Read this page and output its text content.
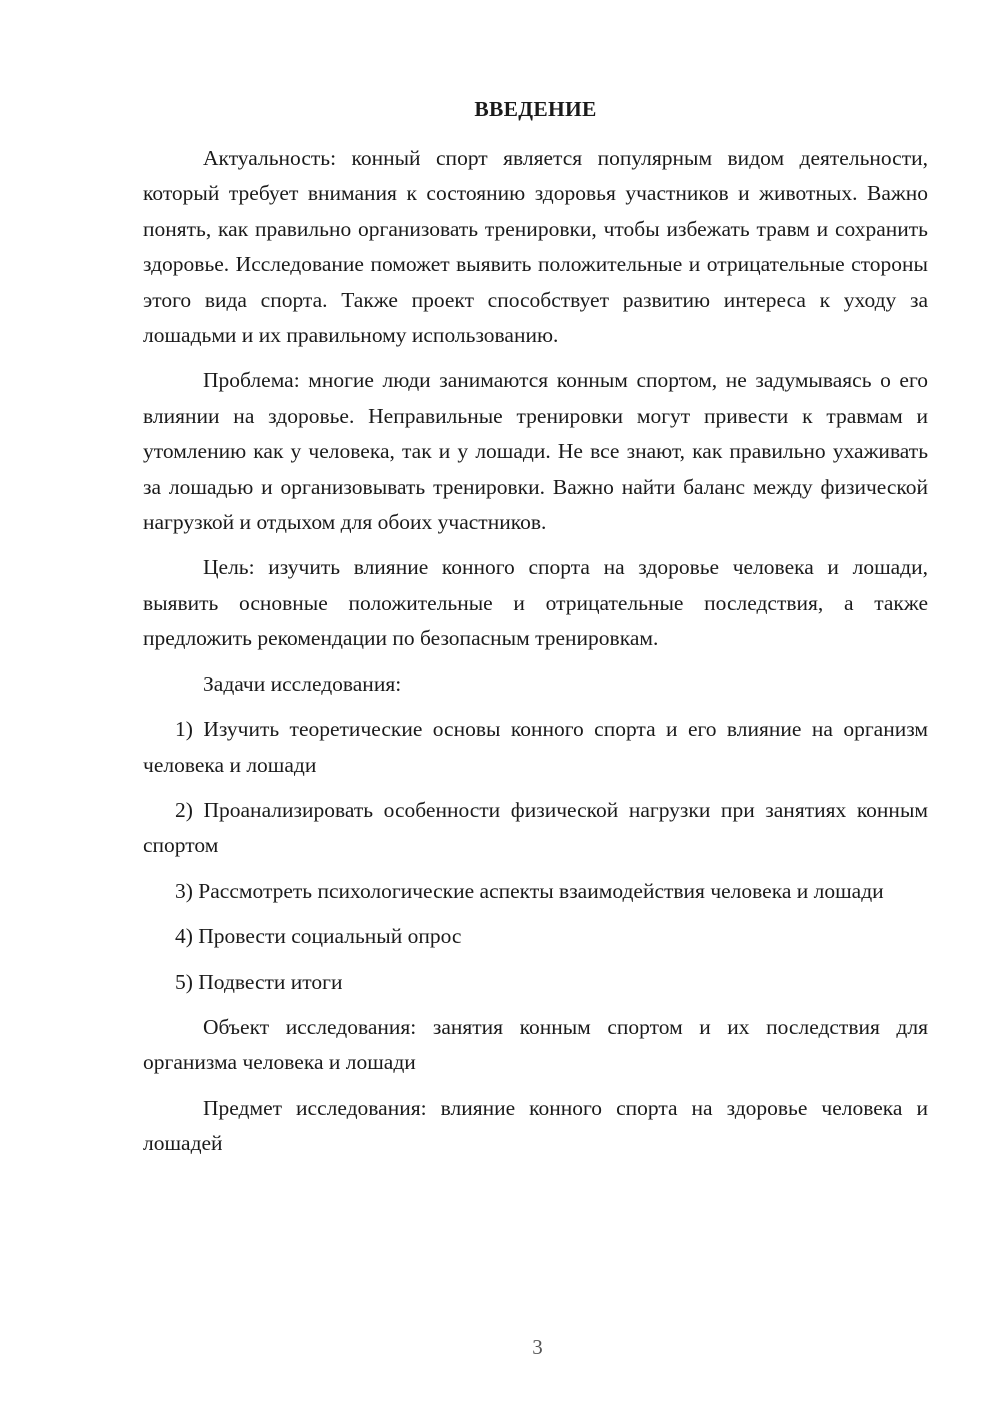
ВВЕДЕНИЕ

Актуальность: конный спорт является популярным видом деятельности, который требует внимания к состоянию здоровья участников и животных. Важно понять, как правильно организовать тренировки, чтобы избежать травм и сохранить здоровье. Исследование поможет выявить положительные и отрицательные стороны этого вида спорта. Также проект способствует развитию интереса к уходу за лошадьми и их правильному использованию.

Проблема: многие люди занимаются конным спортом, не задумываясь о его влиянии на здоровье. Неправильные тренировки могут привести к травмам и утомлению как у человека, так и у лошади. Не все знают, как правильно ухаживать за лошадью и организовывать тренировки. Важно найти баланс между физической нагрузкой и отдыхом для обоих участников.

Цель: изучить влияние конного спорта на здоровье человека и лошади, выявить основные положительные и отрицательные последствия, а также предложить рекомендации по безопасным тренировкам.

Задачи исследования:

1) Изучить теоретические основы конного спорта и его влияние на организм человека и лошади

2) Проанализировать особенности физической нагрузки при занятиях конным спортом

3) Рассмотреть психологические аспекты взаимодействия человека и лошади

4) Провести социальный опрос

5) Подвести итоги

Объект исследования: занятия конным спортом и их последствия для организма человека и лошади

Предмет исследования: влияние конного спорта на здоровье человека и лошадей

3
